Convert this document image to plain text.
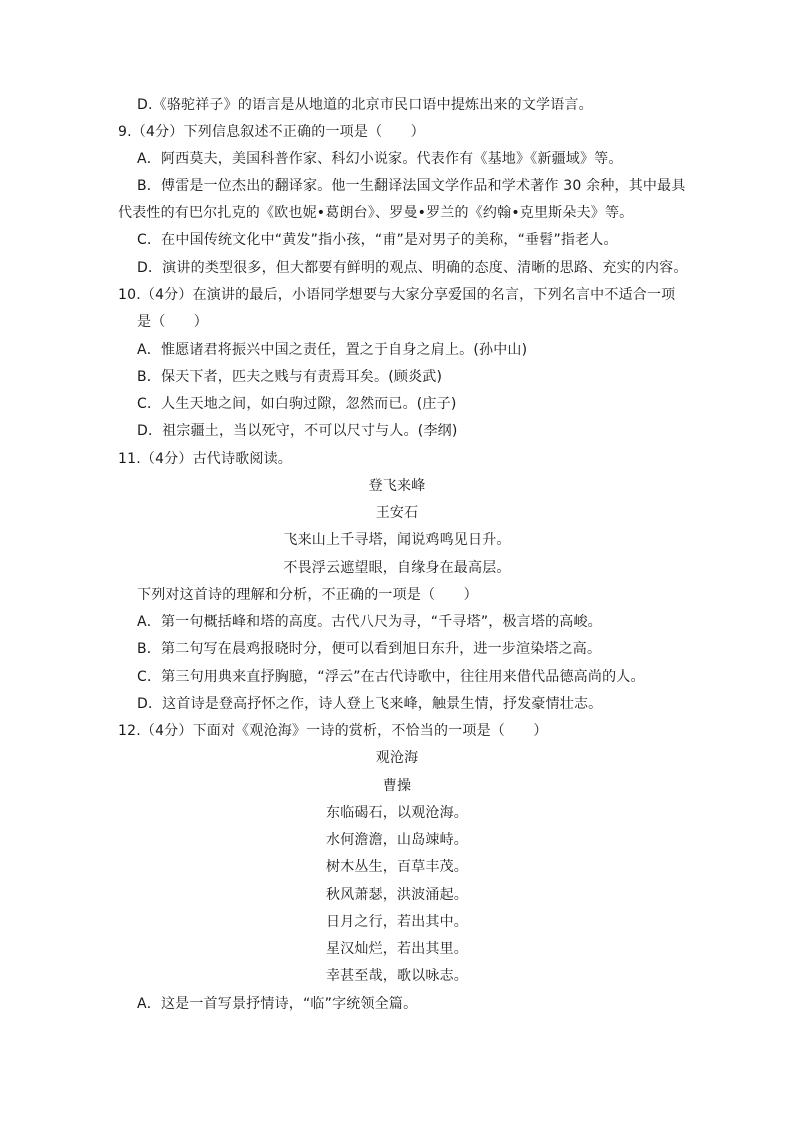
D.《骆驼祥子》的语言是从地道的北京市民口语中提炼出来的文学语言。
9.（4分）下列信息叙述不正确的一项是（　　）
A．阿西莫夫，美国科普作家、科幻小说家。代表作有《基地》《新疆域》等。
B．傅雷是一位杰出的翻译家。他一生翻译法国文学作品和学术著作 30 余种，其中最具
代表性的有巴尔扎克的《欧也妮•葛朗台》、罗曼•罗兰的《约翰•克里斯朵夫》等。
C．在中国传统文化中“黄发”指小孩，“甫”是对男子的美称，“垂髫”指老人。
D．演讲的类型很多，但大都要有鲜明的观点、明确的态度、清晰的思路、充实的内容。
10.（4分）在演讲的最后，小语同学想要与大家分享爱国的名言，下列名言中不适合一项
是（　　）
A．惟愿诸君将振兴中国之责任，置之于自身之肩上。(孙中山)
B．保天下者，匹夫之贱与有责焉耳矣。(顾炎武)
C．人生天地之间，如白驹过隙，忽然而已。(庄子)
D．祖宗疆土，当以死守，不可以尺寸与人。(李纲)
11.（4分）古代诗歌阅读。
登飞来峰
王安石
飞来山上千寻塔，闻说鸡鸣见日升。
不畏浮云遮望眼，自缘身在最高层。
下列对这首诗的理解和分析，不正确的一项是（　　）
A．第一句概括峰和塔的高度。古代八尺为寻，“千寻塔”，极言塔的高峻。
B．第二句写在晨鸡报晓时分，便可以看到旭日东升，进一步渲染塔之高。
C．第三句用典来直抒胸臆，“浮云”在古代诗歌中，往往用来借代品德高尚的人。
D．这首诗是登高抒怀之作，诗人登上飞来峰，触景生情，抒发豪情壮志。
12.（4分）下面对《观沧海》一诗的赏析，不恰当的一项是（　　）
观沧海
曹操
东临碣石，以观沧海。
水何澹澹，山岛竦峙。
树木丛生，百草丰茂。
秋风萧瑟，洪波涌起。
日月之行，若出其中。
星汉灿烂，若出其里。
幸甚至哉，歌以咏志。
A．这是一首写景抒情诗，“临”字统领全篇。
